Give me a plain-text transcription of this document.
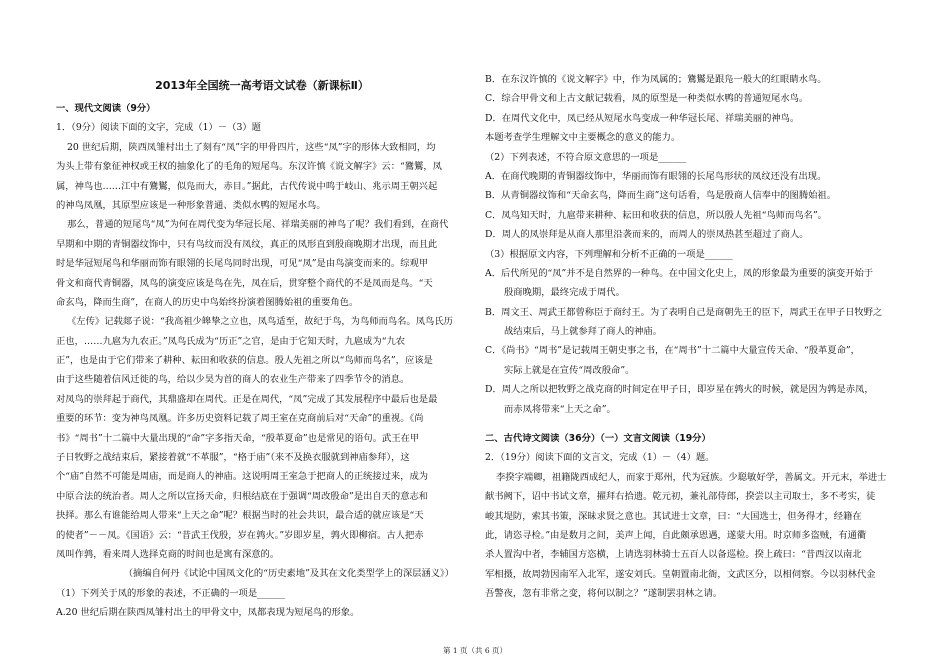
2013年全国统一高考语文试卷（新课标Ⅱ）
一、现代文阅读（9分）
1．（9分）阅读下面的文字，完成（1）－（3）题
20 世纪后期，陕西凤雏村出土了刻有“凤”字的甲骨四片，这些“凤”字的形体大致相同，均
为头上带有象征神权或王权的抽象化了的毛角的短尾鸟。东汉许慎《说文解字》云：“鷟鸑，凤
属，神鸟也……江中有鷟鸑，似凫而大，赤目。”据此，古代传说中鸣于岐山、兆示周王朝兴起
的神鸟凤凰，其原型应该是一种形象普通、类似水鸭的短尾水鸟。
那么，普通的短尾鸟“凤”为何在周代变为华冠长尾、祥瑞美丽的神鸟了呢？我们看到，在商代
早期和中期的青铜器纹饰中，只有鸟纹而没有凤纹，真正的凤形直到殷商晚期才出现，而且此
时是华冠短尾鸟和华丽而饰有眼翎的长尾鸟同时出现，可见“凤”是由鸟演变而来的。综观甲
骨文和商代青铜器，凤鸟的演变应该是鸟在先，凤在后，贯穿整个商代的不是凤而是鸟。“天
命玄鸟，降而生商”，在商人的历史中鸟始终扮演着图腾始祖的重要角色。
《左传》记载郯子说：“我高祖少皞挚之立也，凤鸟适至，故纪于鸟，为鸟师而鸟名。凤鸟氏历
正也，……九扈为九农正。”凤鸟氏成为“历正”之官，是由于它知天时，九扈成为“九农
正”，也是由于它们带来了耕种、耘田和收获的信息。殷人先祖之所以“鸟师而鸟名”，应该是
由于这些随着信风迁徙的鸟，给以少昊为首的商人的农业生产带来了四季节令的消息。
对凤鸟的崇拜起于商代，其鼎盛却在周代。正是在周代，“凤”完成了其发展程序中最后也是最
重要的环节：变为神鸟凤凰。许多历史资料记载了周王室在克商前后对“天命”的重视。《尚
书》“周书”十二篇中大量出现的“命”字多指天命，“殷革夏命”也是常见的语句。武王在甲
子日牧野之战结束后，紧接着就“不革服”，“格于庙”（来不及换衣服就到神庙参拜），这
个“庙”自然不可能是周庙，而是商人的神庙。这说明周王室急于把商人的正统接过来，成为
中原合法的统治者。周人之所以宣扬天命，归根结底在于强调“周改殷命”是出自天的意志和
抉择。那么有谁能给周人带来“上天之命”呢？根据当时的社会共识，最合适的就应该是“天
的使者”－－凤。《国语》云：“昔武王伐殷，岁在鹑火。”岁即岁星，鹑火即柳宿。古人把赤
凤叫作鹑，看来周人选择克商的时间也是寓有深意的。
（摘编自何丹《试论中国凤文化的“历史素地”及其在文化类型学上的深层涵义》）
（1）下列关于凤的形象的表述，不正确的一项是______
A.20 世纪后期在陕西凤雏村出土的甲骨文中，凤都表现为短尾鸟的形象。
B．在东汉许慎的《说文解字》中，作为凤属的；鷟鸑是跟凫一般大的红眼睛水鸟。
C．综合甲骨文和上古文献记载看，凤的原型是一种类似水鸭的普通短尾水鸟。
D．在周代文化中，凤已经从短尾水鸟变成一种华冠长尾、祥瑞美丽的神鸟。
本题考查学生理解文中主要概念的意义的能力。
（2）下列表述，不符合原文意思的一项是______
A．在商代晚期的青铜器纹饰中，华丽而饰有眼翎的长尾鸟形状的凤纹还没有出现。
B．从青铜器纹饰和“天命玄鸟，降而生商”这句话看，鸟是殷商人信奉中的图腾始祖。
C．凤鸟知天时，九扈带来耕种、耘田和收获的信息，所以殷人先祖“鸟师而鸟名”。
D．周人的凤崇拜是从商人那里沿袭而来的，而周人的崇凤热甚至超过了商人。
（3）根据原文内容，下列理解和分析不正确的一项是______
A．后代所见的“凤”并不是自然界的一种鸟。在中国文化史上，凤的形象最为重要的演变开始于
殷商晚期，最终完成于周代。
B．周文王、周武王都曾称臣于商纣王。为了表明自己是商朝先王的臣下，周武王在甲子日牧野之
战结束后，马上就参拜了商人的神庙。
C．《尚书》“周书”是记载周王朝史事之书，在“周书”十二篇中大量宣传天命、“殷革夏命”，
实际上就是在宣传“周改殷命”。
D．周人之所以把牧野之战克商的时间定在甲子日，即岁星在鹑火的时候，就是因为鹑是赤凤，
而赤凤将带来“上天之命”。
二、古代诗文阅读（36分）（一）文言文阅读（19分）
2．（19分）阅读下面的文言文，完成（1）－（4）题。
李揆字端卿，祖籍陇西成纪人，而家于郑州，代为冠族。少聪敏好学，善属文。开元末，举进士
献书阙下，诏中书试文章，擢拜右拾遗。乾元初，兼礼部侍郎，揆尝以主司取士，多不考实，徒
峻其堤防，索其书策，深昧求贤之意也。其试进士文章，曰：“大国选士，但务得才，经籍在
此，请恣寻检。”由是数月之间，美声上闻，自此颇承恩遇，遂蒙大用。时京师多盗贼，有通衢
杀人置沟中者，李辅国方恣横，上请选羽林骑士五百人以备巡检。揆上疏曰：“昔西汉以南北
军相摄，故周勃因南军入北军，遂安刘氏。皇朝置南北衙，文武区分，以相伺察。今以羽林代金
吾警夜，忽有非常之变，将何以制之？”遂制罢羽林之请。
第 1 页（共 6 页）
